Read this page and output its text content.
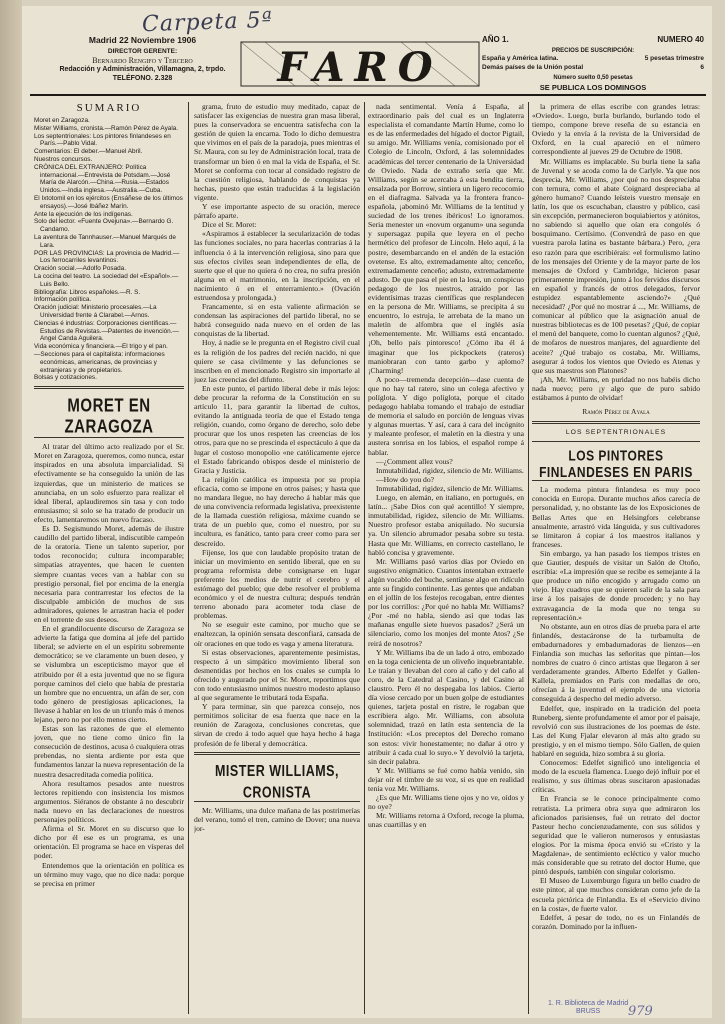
Carpeta 5ª
Madrid 22 Noviembre 1906
DIRECTOR GERENTE:
Bernardo Rengifo y Tercero
Redacción y Administración, Villamagna, 2, trpdo.
TELÉFONO. 2.328	FARO
AÑO 1.	NUMERO 40
PRECIOS DE SUSCRIPCIÓN:
España y América latina.	5 pesetas trimestre
Demás países de la Unión postal	6
Número suelto 0,50 pesetas
SE PUBLICA LOS DOMINGOS
SUMARIO

Moret en Zaragoza.

Mister Williams, cronista.—Ramón Pérez de Ayala.

Los septentrionales: Los pintores finlandeses en París.—Pablo Vidal.

Comentarios: El deber.—Manuel Abril.

Nuestros concursos.

CRÓNICA DEL EXTRANJERO: Política internacional.—Entrevista de Potsdam.—José María de Alarcón.—China.—Rusia.—Estados Unidos.—India inglesa.—Australia.—Cuba.

El Ixtotomil en los ejércitos (Ensáñese de los últimos ensayos).—José Ibáñez Marín.

Ante la ejecución de los indígenas.

Solo del lector. «Fuente Ovejuna».—Bernardo G. Candamo.

La aventura de Tannhauser.—Manuel Marqués de Lara.

POR LAS PROVINCIAS: La provincia de Madrid.—Los ferrocarriles levantinos.

Oración social.—Adolfo Posada.

La cocina del teatro. La sociedad del «Español».—Luis Bello.

Bibliografía: Libros españoles.—R. S.

Información política.

Oración judicial: Ministerio procesales.—La Universidad frente á Clarabel.—Arnos.

Ciencias é industrias: Corporaciones científicas.—Estudios de Revistas.—Patentes de invención.—Angel Canda Aguilera.

Vida económica y financiera.—El trigo y el pan.

—Secciones para el capitalista: informaciones económicas, americanas, de provincias y extranjeras y de propietarios.

Bolsas y cotizaciones.

MORET EN ZARAGOZA

Al tratar del último acto realizado por el Sr. Moret en Zaragoza, queremos, como nunca, estar inspirados en una absoluta imparcialidad. Si efectivamente se ha conseguido la unión de las izquierdas, que un ministerio de matices se anunciaba, en un solo esfuerzo para realizar el ideal liberal, aplaudiremos sin tasa y con todo entusiasmo; si solo se ha tratado de producir un efecto, lamentaremos un nuevo fracaso.

Es D. Segismundo Moret, además de ilustre caudillo del partido liberal, indiscutible campeón de la oratoria. Tiene un talento superior, por todos reconocido; cultura incomparable; simpatías atrayentes, que hacen le cuenten siempre cuantas veces van a hablar con su prestigio personal, fiel por encima de la energía necesaria para contrarrestar los efectos de la disculpable ambición de muchos de sus admiradores, quienes le arrastran hacia el poder en el torrente de sus deseos.

En el grandilocuente discurso de Zaragoza se advierte la fatiga que domina al jefe del partido liberal; se advierte en el un espíritu sobremente democrático; se ve claramente un buen deseo, y se vislumbra un escepticismo mayor que el atribuido por él a esta juventud que no se figura porque caminos del cielo que había de prestaria un hombre que no encuentra, un afán de ser, con todo género de prestigiosas aplicaciones, la llevase á hablar en los de un triunfo más ó menos lejano, pero no por ello menos cierto.

Estas son las razones de que el elemento joven, que no tiene como único fin la consecución de destinos, acusa ó cualquiera otras prebendas, no sienta ardiente por esta que fundamentos lanzar la nueva representación de la nuestra desacreditada comedia política.

Ahora resultamos pesados ante nuestros lectores repitiendo con insistencia los mismos argumentos. Siéranos de obstante á no descubrir nada nuevo en las declaraciones de nuestros personajes políticos.

Afirma el Sr. Moret en su discurso que lo dicho por él ese es un programa, es una orientación. El programa se hace en vísperas del poder.

Entendemos que la orientación en política es un término muy vago, que no dice nada: porque se precisa en primer

grama, fruto de estudio muy meditado, capaz de satisfacer las exigencias de nuestra gran masa liberal, pues la conservadora se encuentra satisfecha con la gestión de quien la encarna. Todo lo dicho demuestra que vivimos en el país de la paradoja, pues mientras el Sr. Maura, con su ley de Administración local, trata de transformar un bien ó en mal la vida de España, el Sr. Moret se conforma con tocar al considado registro de la cuestión religiosa, hablando de conquistas ya hechas, puesto que están traducidas á la legislación vigente.

Y ese importante aspecto de su oración, merece párrafo aparte.

Dice el Sr. Moret:

«Aspiramos á establecer la secularización de todas las funciones sociales, no para hacerlas contrarias á la influencia ó á la intervención religiosa, sino para que sus efectos civiles sean independientes de ella, de suerte que el que no quiera ó no crea, no sufra presión alguna en el matrimonio, en la inscripción, en el nacimiento ó en el enterramiento.» (Ovación estruendosa y prolongada.)

Francamente, si en esta valiente afirmación se condensan las aspiraciones del partido liberal, no se habrá conseguido nada nuevo en el orden de las conquistas de la libertad.

Hoy, á nadie se le pregunta en el Registro civil cual es la religión de los padres del recién nacido, ni que quiere se casa civilmente y las defunciones se inscriben en el mencionado Registro sin importarle al juez las creencias del difunto.

En este punto, el partido liberal debe ir más lejos: debe procurar la reforma de la Constitución en su artículo 11, para garantir la libertad de cultos, evitando la antiguada teoría de que el Estado tenga religión, cuando, como órgano de derecho, solo debe procurar que los unos respeten las creencias de los otros, para que no se prescinda el espectáculo á que da lugar el costoso monopolio «ne católicamente ejerce el Estado fabricando obispos desde el ministerio de Gracia y Justicia.

La religión católica es impuesta por su propia eficacia, como se impone en otros países; y hasta que no mandara llegue, no hay derecho á hablar más que de una convivencia reformada legislativa, preexistente de la llamada cuestión religiosa, máxime cuando se trata de un pueblo que, como el nuestro, por su incultura, es fanático, tanto para creer como para ser descreído.

Fíjense, los que con laudable propósito tratan de iniciar un movimiento en sentido liberal, que en su programa reformista debe consignarse en lugar preferente los medios de nutrir el cerebro y el estómago del pueblo; que debe resolver el problema económico y el de nuestra cultura; después tendrán terreno abonado para acometer toda clase de problemas.

No se eseguir este camino, por mucho que se enaltezcan, la opinión sensata desconfiará, cansada de oír oraciones en que todo es vaga y amena literatura.

Si estas observaciones, aparentemente pesimistas, respecto á un simpático movimiento liberal son desmentidas por hechos en los cuales se cumpla lo ofrecido y augurado por el Sr. Moret, reportimos que con todo entusiasmo unimos nuestro modesto aplauso al que seguramente le tributará toda España.

Y para terminar, sin que parezca consejo, nos permitimos solicitar de esa fuerza que nace en la reunión de Zaragoza, conclusiones concretas, que sirvan de credo á todo aquel que haya hecho á haga profesión de fe liberal y democrática.

MISTER WILLIAMS, CRONISTA

Mr. Williams, una dulce mañana de las postrimerías del verano, tomó el tren, camino de Dover; una nueva jor-

nada sentimental. Venía á España, al extraordinario país del cual es un Inglaterra especialista el comandante Martín Hume, como lo es de las enfermedades del hígado el doctor Pigtail, su amigo. Mr. Williams venía, comisionado por el Colegio de Lincoln, Oxford, á las solemnidades académicas del tercer centenario de la Universidad de Oviedo. Nada de extraño sería que Mr. Williams, según se acercaba á esta bendita tierra, ensalzada por Borrow, sintiera un ligero recocomio en el diafragma. Salvada ya la frontera franco-española, ¡abominó Mr. Williams de la lentitud y suciedad de los trenes ibéricos! Lo ignoramos. Seria menester un «novum organum» una segunda y supersagaz pupila que leyera en el pecho hermético del profesor de Lincoln. Helo aquí, á la postre, desembarcando en el andén de la estación ovetense. Es alto, extremadamente alto; cenceño, extremadamente cenceño; adusto, extremadamente adusto. De que pasa el pie en la losa, un conspicuo pedagogo de los nuestros, atraído por las evidentísimas trazas científicas que resplandecen en la persona de Mr. Williams, se precipita á su encuentro, lo estruja, le arrebata de la mano un maletín de alfombra que el inglés asía vehementemente. Mr. Williams está encantado. ¡Oh, bello país pintoresco! ¿Cómo iba él á imaginar que los pickpockets (rateros) maniobraran con tanto garbo y aplomo? ¡Charming!

A poco—tremenda decepción—dase cuenta de que no hay tal ratero, sino un colega afectivo y políglota. Y digo políglota, porque el citado pedagogo hablaba tomando el trabajo de estudiar de memoria el saludo en porción de lenguas vivas y algunas muertas. Y así, cara á cara del incógnito y maleante profesor, el maletín en la diestra y una austera sonrisa en los labios, el español rompe á hablar.

—¿Comment allez vous?

Inmutabilidad, rigidez, silencio de Mr. Williams.

—How do you do?

Inmutabilidad, rigidez, silencio de Mr. Williams.

Luego, en alemán, en italiano, en portugués, en latín... ¡Sabe Dios con qué acentillo! Y siempre, inmutabilidad, rigidez, silencio de Mr. Williams. Nuestro profesor estaba aniquilado. No sucursia ya. Un silencio abrumador pesaba sobre su testa. Hasta que Mr. Williams, en correcto castellano, le habló concisa y gravemente.

Mr. Williams pasó varios días por Oviedo en sugestivo enigmático. Cuantos intentaban extraerle algún vocablo del buche, sentíanse algo en ridículo ante su fingido continente. Las gentes que andaban en el jollín de los festejos recogaban, entre dientes por los corrillos: ¿Por qué no habla Mr. Williams? ¿Por -mé no habla, siendo así que todas las mañanas engulle siete huevos pasados? ¿Será un silenciario, como los monjes del monte Atos? ¿Se reirá de nosotros?

Y Mr. Williams iba de un lado á otro, embozado en la toga cenicienta de un oliveño inquebrantable. Le traían y llevaban del coro al caño y del caño al coro, de la Catedral al Casino, y del Casino al claustro. Pero él no despegaba los labios. Cierto día viose cercado por un buen golpe de estudiantes quienes, tarjeta postal en ristre, le rogaban que escribiera algo. Mr. Williams, con absoluta solemnidad, trazó en latín esta sentencia de la Institución: «Los preceptos del Derecho romano son estos: vivir honestamente; no dañar á otro y atribuir á cada cual lo suyo.» Y devolvió la tarjeta, sin decir palabra.

Y Mr. Williams se fué como había venido, sin dejar oír el timbre de su voz, si es que en realidad tenía voz Mr. Williams.

¿Es que Mr. Williams tiene ojos y no ve, oídos y no oye?

Mr. Williams retorna á Oxford, recoge la pluma, unas cuartillas y en

la primera de ellas escribe con grandes letras: «Oviedo». Luego, burla burlando, burlando todo el tiempo, compone breve reseña de su estancia en Oviedo y la envía á la revista de la Universidad de Oxford, en la cual apareció en el número correspondiente al jueves 29 de Octubre de 1908.

Mr. Williams es implacable. Su burla tiene la saña de Juvenal y se acoda como la de Carlyle. Ya que nos desprecia, Mr. Williams, ¿por qué no nos despreciaba con ternura, como el abate Coignard despreciaba al género humano? Cuando leísteis vuestro mensaje en latín, los que os escuchaban, claustro y público, casi sin excepción, permanecieron boquiabiertos y atónitos, no sabiendo si aquello que oían era congolés ó bosquimano. Certísimo. (Convendrá de paso en que vuestra parola latina es bastante bárbara.) Pero, ¿era eso razón para que escribiérais: «el formulismo latino de los mensajes del Oriente y de la mayor parte de los mensajes de Oxford y Cambridge, hicieron pasar primeramente impresión, junto á los fervidos discursos en español y francés de otros delegados, fervor estupidez espantablemente asciendo?» ¿Qué necesidad? ¿Por qué no mostrar á ..., Mr. Williams, de comunicar al público que la asignación anual de nuestras bibliotecas es de 100 pesetas? ¿Qué, de copiar el menú del banquete, como lo cuentan algunos? ¿Qué, de mofaros de nuestros manjares, del aguardiente del aceite? ¿Qué trabajo os costaba, Mr. Williams, asegurar á todos los vientos que Oviedo es Atenas y que sus maestros son Platones?

¡Ah, Mr. Williams, en puridad no nos habéis dicho nada nuevo; pero ¡y algo que de puro sabido estábamos á punto de olvidar!

Ramón Pérez de Ayala
LOS SEPTENTRIONALES
LOS PINTORES FINLANDESES EN PARIS

La moderna pintura finlandesa es muy poco conocida en Europa. Durante muchos años carecía de personalidad, y, no obstante las de los Exposiciones de Bellas Artes que en Helsingfors celebranse anualmente, arrastró vida lánguida, y sus cultivadores se limitaron á copiar á los maestros italianos y franceses.

Sin embargo, ya han pasado los tiempos tristes en que Gautier, después de visitar un Salón de Otoño, escribía: «La impresión que se recibe es semejante á la que produce un niño encogido y arrugado como un viejo. Hay cuadros que se quieren salir de la sala para irse á los paisajes de donde proceden; y no hay extravagancia de la moda que no tenga su representación.»

No obstante, aun en otros días de prueba para el arte finlandés, destacáronse de la turbamulta de embadurnadores y embadurnadoras de lienzos—en Finlandia son muchas las señoritas que pintan—los nombres de cuatro ó cinco artistas que llegaron á ser verdaderamente grandes. Alberto Edelfet y Gallen-Kallela, premiados en París con medallas de oro, ofrecían á la juventud el ejemplo de una victoria conseguida á despecho del medio adverso.

Edelfet, que, inspirado en la tradición del poeta Runeberg, siente profundamente el amor por el paisaje, revolvió con sus ilustraciones de los poemas de éste. Las del Kung Fjalar elevaron al más alto grado su prestigio, y en el mismo tiempo. Sólo Gallen, de quien hablaré en seguida, hizo sombra á su gloria.

Conocemos: Edelfet significó uno inteligencia el modo de la escuela flamenca. Luego dejó influir por el realismo, y sus últimas obras suscitaron apasionadas críticas.

En Francia se le conoce principalmente como retratista. La primera obra suya que admiraron los aficionados parisienses, fué un retrato del doctor Pasteur hecho concienzudamente, con sus sólidos y seguridad que le valieron numerosos y entusiastas elogios. Por la misma época envió su «Cristo y la Magdalena», de sentimiento ecléctico y valor mucho más considerable que su retrato del doctor Hume, que pintó después, también con singular colorismo.

El Museo de Luxemburgo figura un bello cuadro de este pintor, al que muchos consideran como jefe de la escuela pictórica de Finlandia. Es el «Servicio divino en la costa», de fuerte valor.

Edelfet, á pesar de todo, no es un Finlandés de corazón. Dominado por la influen-

1. R. Biblioteca de Madrid
BRUSS	979
